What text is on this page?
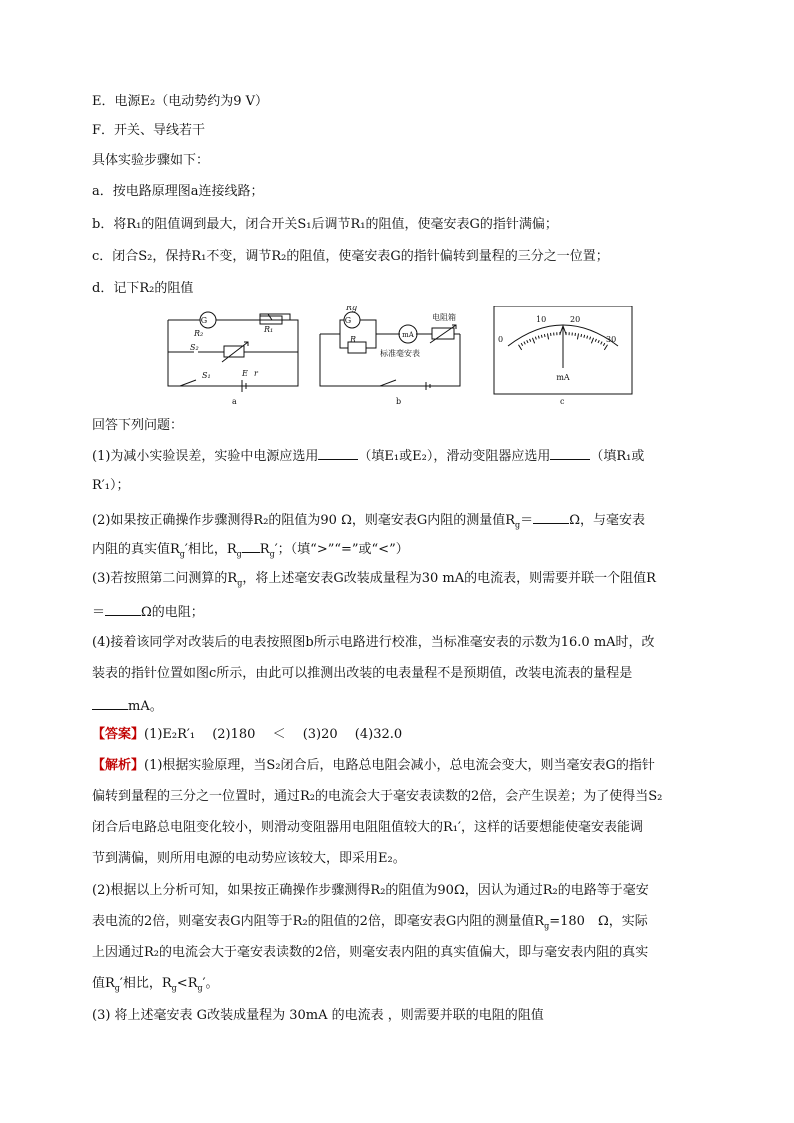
E．电源E₂（电动势约为9 V）
F．开关、导线若干
具体实验步骤如下：
a．按电路原理图a连接线路；
b．将R₁的阻值调到最大，闭合开关S₁后调节R₁的阻值，使毫安表G的指针满偏；
c．闭合S₂，保持R₁不变，调节R₂的阻值，使毫安表G的指针偏转到量程的三分之一位置；
d．记下R₂的阻值
R₂	R₁
G
S₂
S₁	E r
a
Rg
G
R	mA
电阻箱
标准毫安表
b
0
10	20
30
mA
c
回答下列问题：
(1)为减小实验误差，实验中电源应选用	（填E₁或E₂），滑动变阻器应选用	（填R₁或
R′₁）；
(2)如果按正确操作步骤测得R₂的阻值为90 Ω，则毫安表G内阻的测量值$R_g=$	Ω，与毫安表
内阻的真实值$R_g'$相比，$R_g$ $R_g'$；（填“>”“=”或“<”）
(3)若按照第二问测算的$R_g$，将上述毫安表G改装成量程为30 mA的电流表，则需要并联一个阻值R
＝	Ω的电阻；
(4)接着该同学对改装后的电表按照图b所示电路进行校准，当标准毫安表的示数为16.0 mA时，改
装表的指针位置如图c所示，由此可以推测出改装的电表量程不是预期值，改装电流表的量程是
mA。
【答案】(1)E₂R′₁　 (2)180　 ＜　 (3)20　 (4)32.0
【解析】(1)根据实验原理，当S₂闭合后，电路总电阻会减小，总电流会变大，则当毫安表G的指针
偏转到量程的三分之一位置时，通过R₂的电流会大于毫安表读数的2倍，会产生误差；为了使得当S₂
闭合后电路总电阻变化较小，则滑动变阻器用电阻阻值较大的R₁′，这样的话要想能使毫安表能调
节到满偏，则所用电源的电动势应该较大，即采用E₂。
(2)根据以上分析可知，如果按正确操作步骤测得R₂的阻值为90Ω，因认为通过R₂的电路等于毫安
表电流的2倍，则毫安表G内阻等于R₂的阻值的2倍，即毫安表G内阻的测量值$R_g=180$　Ω，实际
上因通过R₂的电流会大于毫安表读数的2倍，则毫安表内阻的真实值偏大，即与毫安表内阻的真实
值$R_g'$相比，$R_g<R_g'$。
(3) 将上述毫安表 G改装成量程为 30mA 的电流表 ，则需要并联的电阻的阻值
